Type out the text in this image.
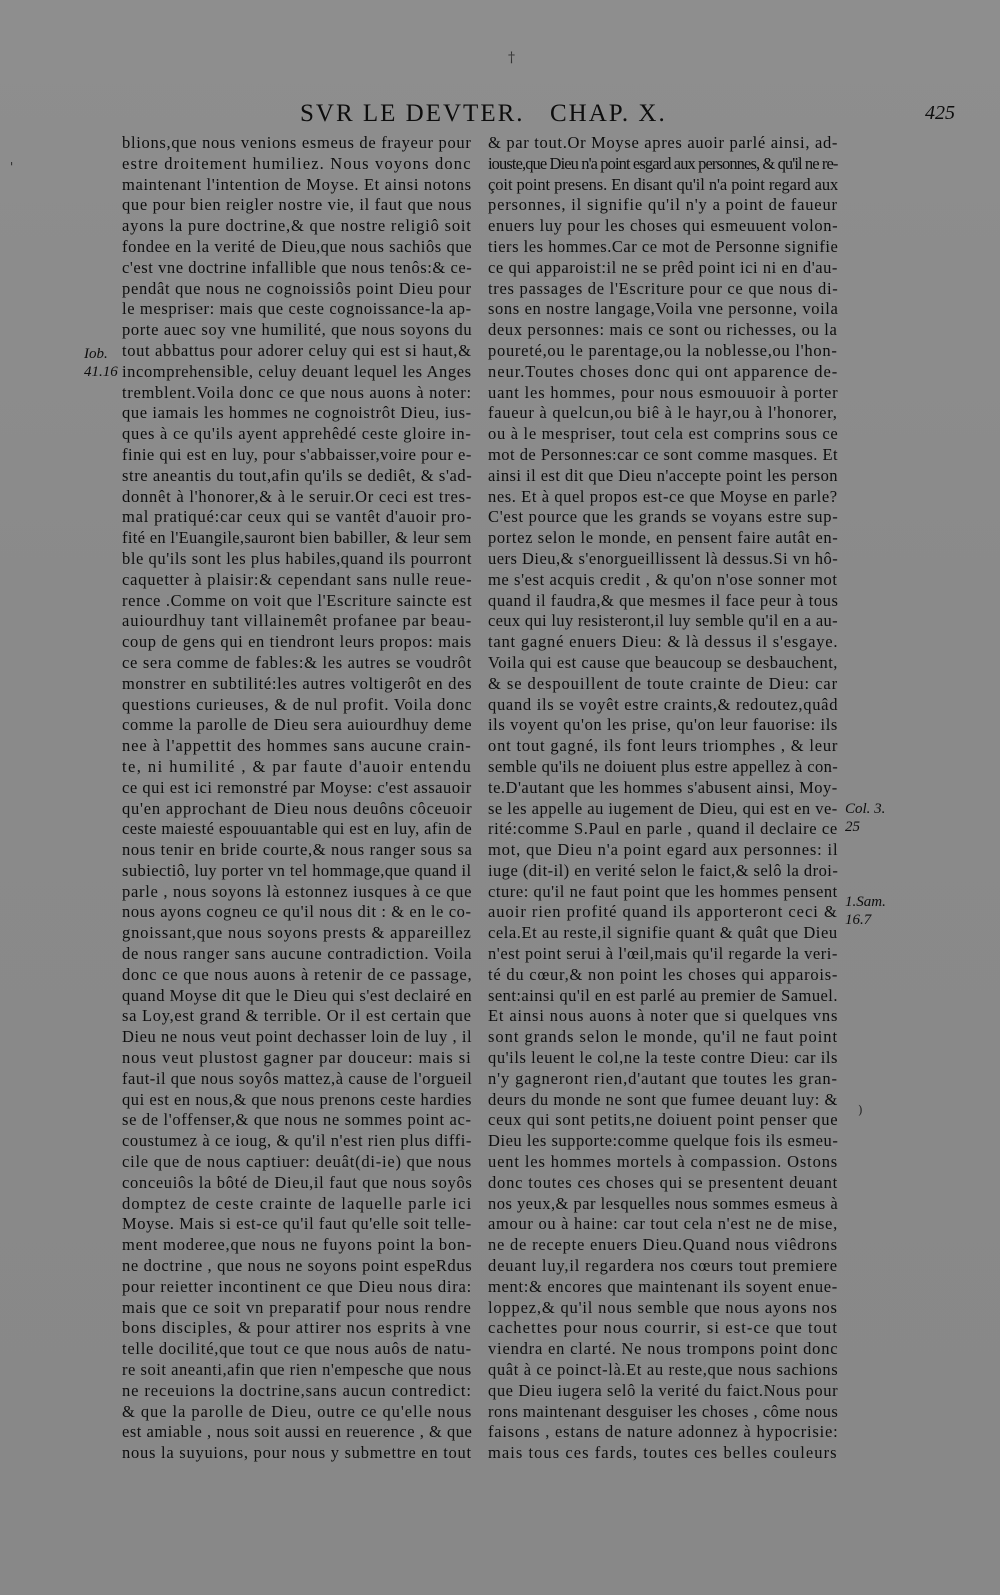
†
SVR LE DEVTER. CHAP. X.	425
blions,que nous venions esmeus de frayeur pour
estre droitement humiliez. Nous voyons donc
maintenant l'intention de Moyse. Et ainsi notons
que pour bien reigler nostre vie, il faut que nous
ayons la pure doctrine,& que nostre religiô soit
fondee en la verité de Dieu,que nous sachiôs que
c'est vne doctrine infallible que nous tenôs:& ce-
pendât que nous ne cognoissiôs point Dieu pour
le mespriser: mais que ceste cognoissance-la ap-
porte auec soy vne humilité, que nous soyons du
tout abbattus pour adorer celuy qui est si haut,&
incomprehensible, celuy deuant lequel les Anges
tremblent.Voila donc ce que nous auons à noter:
que iamais les hommes ne cognoistrôt Dieu, ius-
ques à ce qu'ils ayent apprehêdé ceste gloire in-
finie qui est en luy, pour s'abbaisser,voire pour e-
stre aneantis du tout,afin qu'ils se dediêt, & s'ad-
donnêt à l'honorer,& à le seruir.Or ceci est tres-
mal pratiqué:car ceux qui se vantêt d'auoir pro-
fité en l'Euangile,sauront bien babiller, & leur sem
ble qu'ils sont les plus habiles,quand ils pourront
caquetter à plaisir:& cependant sans nulle reue-
rence .Comme on voit que l'Escriture saincte est
auiourdhuy tant villainemêt profanee par beau-
coup de gens qui en tiendront leurs propos: mais
ce sera comme de fables:& les autres se voudrôt
monstrer en subtilité:les autres voltigerôt en des
questions curieuses, & de nul profit. Voila donc
comme la parolle de Dieu sera auiourdhuy deme
nee à l'appettit des hommes sans aucune crain-
te, ni humilité , & par faute d'auoir entendu
ce qui est ici remonstré par Moyse: c'est assauoir
qu'en approchant de Dieu nous deuôns côceuoir
ceste maiesté espouuantable qui est en luy, afin de
nous tenir en bride courte,& nous ranger sous sa
subiectiô, luy porter vn tel hommage,que quand il
parle , nous soyons là estonnez iusques à ce que
nous ayons cogneu ce qu'il nous dit : & en le co-
gnoissant,que nous soyons prests & appareillez
de nous ranger sans aucune contradiction. Voila
donc ce que nous auons à retenir de ce passage,
quand Moyse dit que le Dieu qui s'est declairé en
sa Loy,est grand & terrible. Or il est certain que
Dieu ne nous veut point dechasser loin de luy , il
nous veut plustost gagner par douceur: mais si
faut-il que nous soyôs mattez,à cause de l'orgueil
qui est en nous,& que nous prenons ceste hardies
se de l'offenser,& que nous ne sommes point ac-
coustumez à ce ioug, & qu'il n'est rien plus diffi-
cile que de nous captiuer: deuât(di-ie) que nous
conceuiôs la bôté de Dieu,il faut que nous soyôs
domptez de ceste crainte de laquelle parle ici
Moyse. Mais si est-ce qu'il faut qu'elle soit telle-
ment moderee,que nous ne fuyons point la bon-
ne doctrine , que nous ne soyons point espeRdus
pour reietter incontinent ce que Dieu nous dira:
mais que ce soit vn preparatif pour nous rendre
bons disciples, & pour attirer nos esprits à vne
telle docilité,que tout ce que nous auôs de natu-
re soit aneanti,afin que rien n'empesche que nous
ne receuions la doctrine,sans aucun contredict:
& que la parolle de Dieu, outre ce qu'elle nous
est amiable , nous soit aussi en reuerence , & que
nous la suyuions, pour nous y submettre en tout
& par tout.Or Moyse apres auoir parlé ainsi, ad-
iouste,que Dieu n'a point esgard aux personnes, & qu'il ne re-
çoit point presens. En disant qu'il n'a point regard aux
personnes, il signifie qu'il n'y a point de faueur
enuers luy pour les choses qui esmeuuent volon-
tiers les hommes.Car ce mot de Personne signifie
ce qui apparoist:il ne se prêd point ici ni en d'au-
tres passages de l'Escriture pour ce que nous di-
sons en nostre langage,Voila vne personne, voila
deux personnes: mais ce sont ou richesses, ou la
poureté,ou le parentage,ou la noblesse,ou l'hon-
neur.Toutes choses donc qui ont apparence de-
uant les hommes, pour nous esmouuoir à porter
faueur à quelcun,ou biê à le hayr,ou à l'honorer,
ou à le mespriser, tout cela est comprins sous ce
mot de Personnes:car ce sont comme masques. Et
ainsi il est dit que Dieu n'accepte point les person
nes. Et à quel propos est-ce que Moyse en parle?
C'est pource que les grands se voyans estre sup-
portez selon le monde, en pensent faire autât en-
uers Dieu,& s'enorgueillissent là dessus.Si vn hô-
me s'est acquis credit , & qu'on n'ose sonner mot
quand il faudra,& que mesmes il face peur à tous
ceux qui luy resisteront,il luy semble qu'il en a au-
tant gagné enuers Dieu: & là dessus il s'esgaye.
Voila qui est cause que beaucoup se desbauchent,
& se despouillent de toute crainte de Dieu: car
quand ils se voyêt estre craints,& redoutez,quâd
ils voyent qu'on les prise, qu'on leur fauorise: ils
ont tout gagné, ils font leurs triomphes , & leur
semble qu'ils ne doiuent plus estre appellez à con-
te.D'autant que les hommes s'abusent ainsi, Moy-
se les appelle au iugement de Dieu, qui est en ve-
rité:comme S.Paul en parle , quand il declaire ce
mot, que Dieu n'a point egard aux personnes: il
iuge (dit-il) en verité selon le faict,& selô la droi-
cture: qu'il ne faut point que les hommes pensent
auoir rien profité quand ils apporteront ceci &
cela.Et au reste,il signifie quant & quât que Dieu
n'est point serui à l'œil,mais qu'il regarde la veri-
té du cœur,& non point les choses qui apparois-
sent:ainsi qu'il en est parlé au premier de Samuel.
Et ainsi nous auons à noter que si quelques vns
sont grands selon le monde, qu'il ne faut point
qu'ils leuent le col,ne la teste contre Dieu: car ils
n'y gagneront rien,d'autant que toutes les gran-
deurs du monde ne sont que fumee deuant luy: &
ceux qui sont petits,ne doiuent point penser que
Dieu les supporte:comme quelque fois ils esmeu-
uent les hommes mortels à compassion. Ostons
donc toutes ces choses qui se presentent deuant
nos yeux,& par lesquelles nous sommes esmeus à
amour ou à haine: car tout cela n'est ne de mise,
ne de recepte enuers Dieu.Quand nous viêdrons
deuant luy,il regardera nos cœurs tout premiere
ment:& encores que maintenant ils soyent enue-
loppez,& qu'il nous semble que nous ayons nos
cachettes pour nous courrir, si est-ce que tout
viendra en clarté. Ne nous trompons point donc
quât à ce poinct-là.Et au reste,que nous sachions
que Dieu iugera selô la verité du faict.Nous pour
rons maintenant desguiser les choses , côme nous
faisons , estans de nature adonnez à hypocrisie:
mais tous ces fards, toutes ces belles couleurs
Iob.
41.16
Col. 3.
25
1.Sam.
16.7
'
)
